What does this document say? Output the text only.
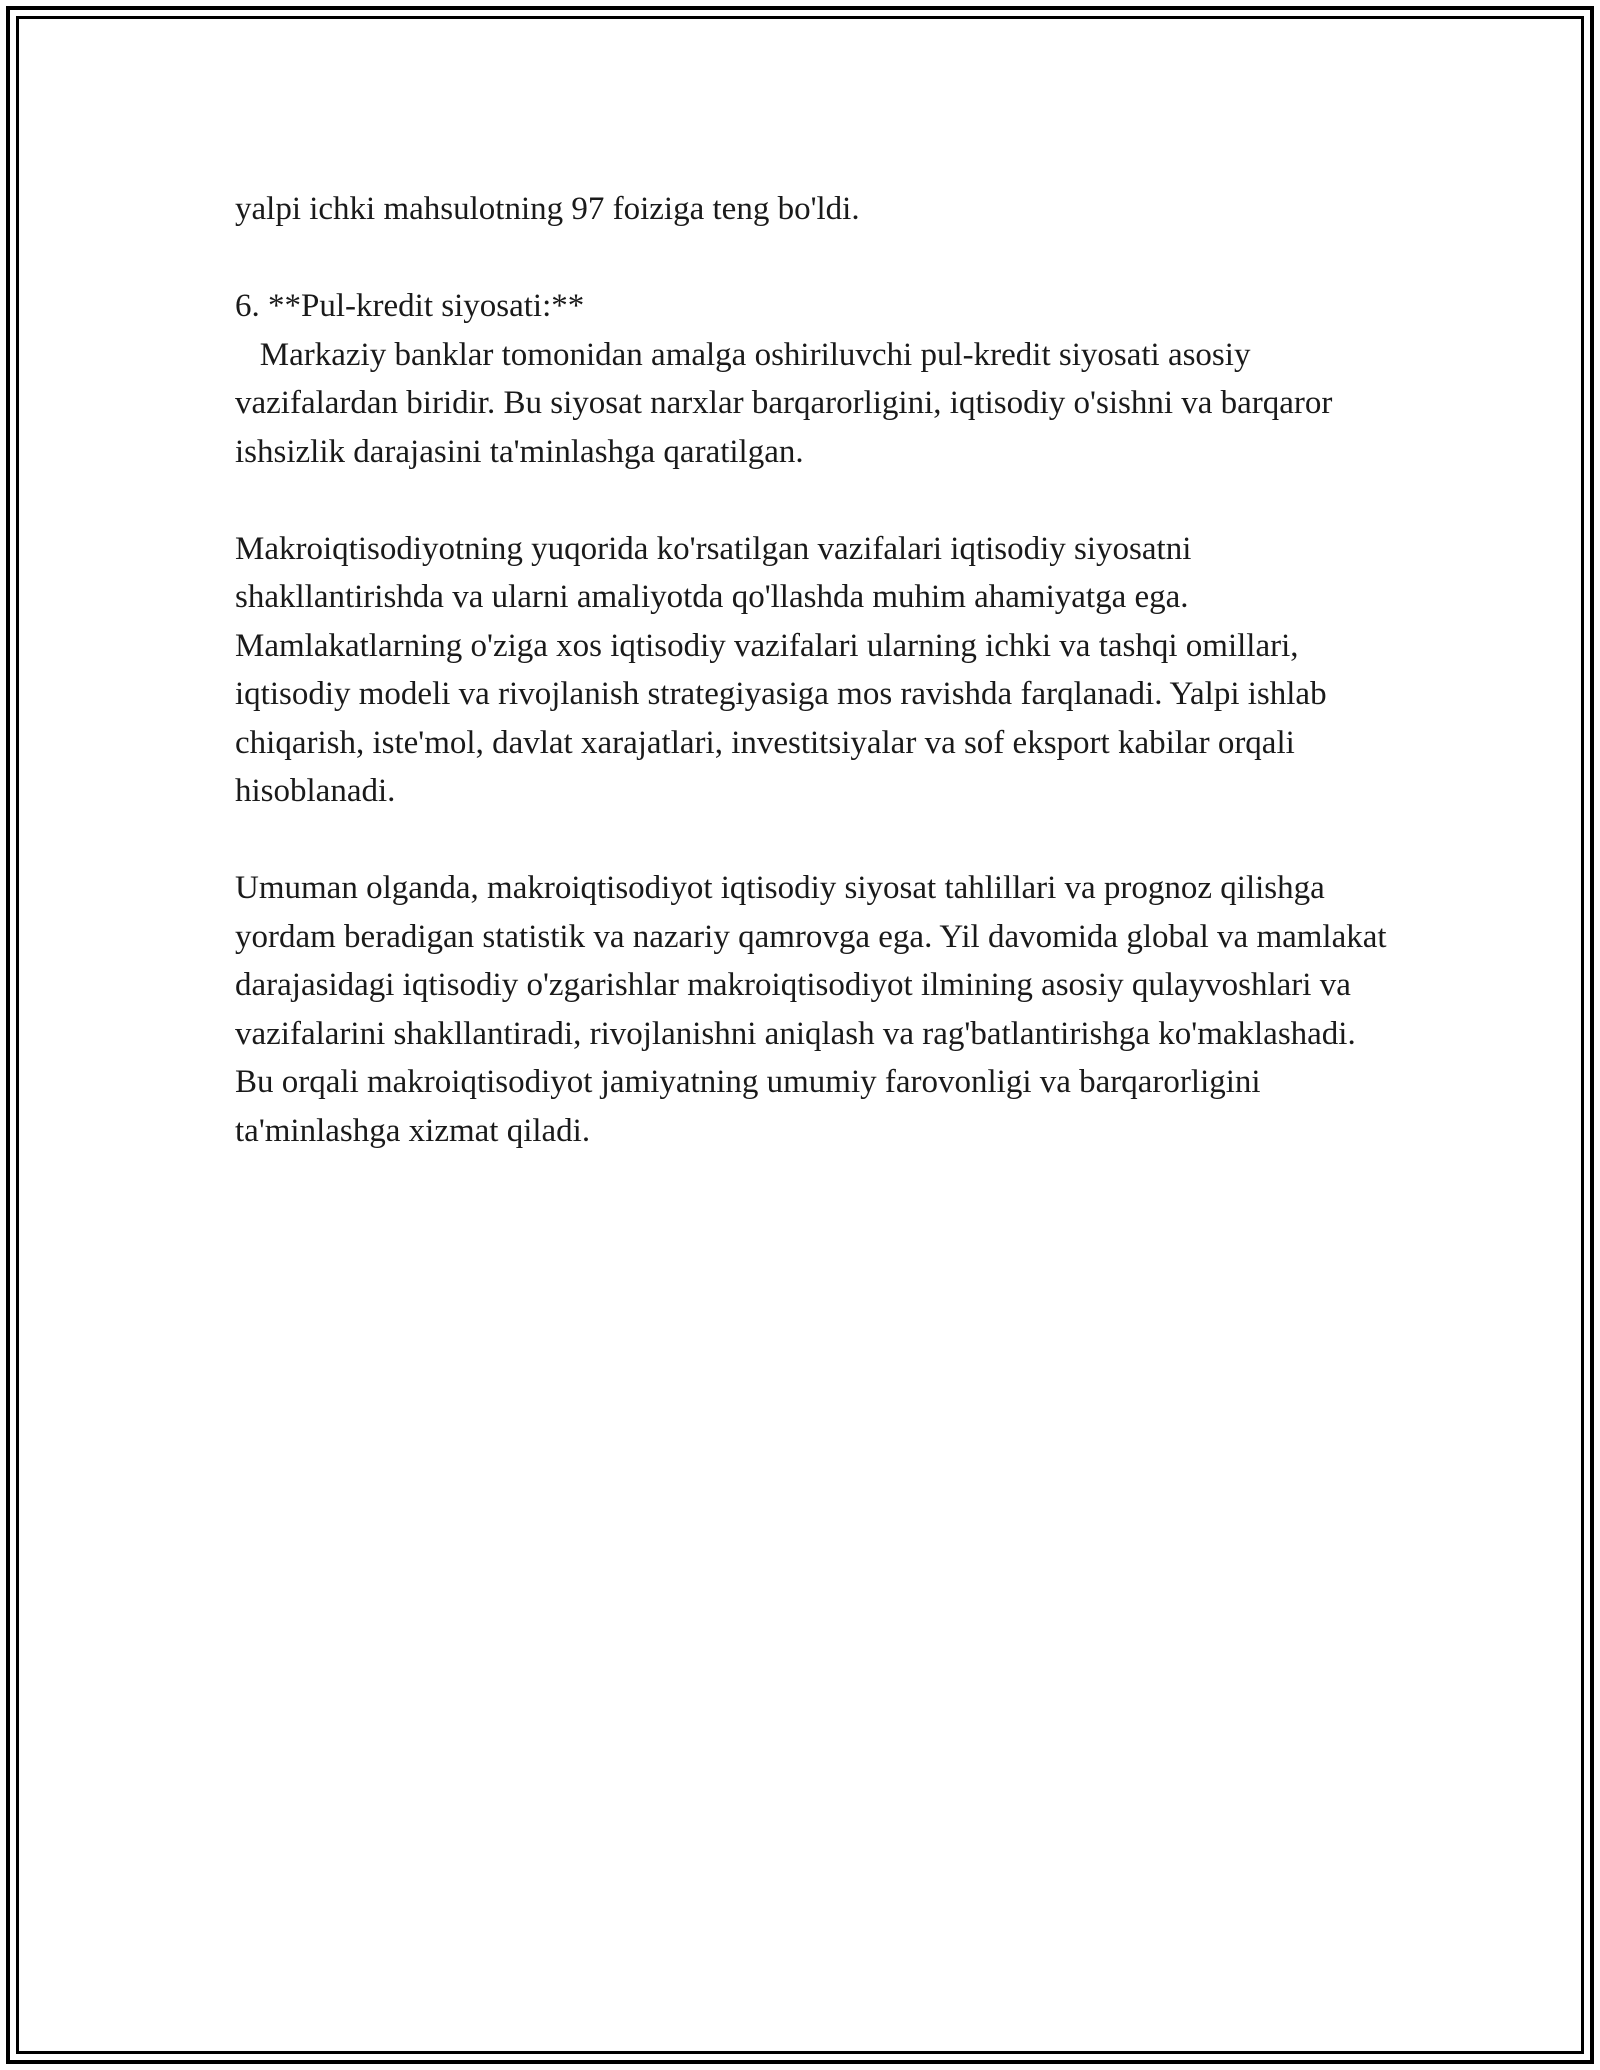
yalpi ichki mahsulotning 97 foiziga teng bo'ldi.

6. **Pul-kredit siyosati:**

Markaziy banklar tomonidan amalga oshiriluvchi pul-kredit siyosati asosiy vazifalardan biridir. Bu siyosat narxlar barqarorligini, iqtisodiy o'sishni va barqaror ishsizlik darajasini ta'minlashga qaratilgan.

Makroiqtisodiyotning yuqorida ko'rsatilgan vazifalari iqtisodiy siyosatni shakllantirishda va ularni amaliyotda qo'llashda muhim ahamiyatga ega. Mamlakatlarning o'ziga xos iqtisodiy vazifalari ularning ichki va tashqi omillari, iqtisodiy modeli va rivojlanish strategiyasiga mos ravishda farqlanadi. Yalpi ishlab chiqarish, iste'mol, davlat xarajatlari, investitsiyalar va sof eksport kabilar orqali hisoblanadi.

Umuman olganda, makroiqtisodiyot iqtisodiy siyosat tahlillari va prognoz qilishga yordam beradigan statistik va nazariy qamrovga ega. Yil davomida global va mamlakat darajasidagi iqtisodiy o'zgarishlar makroiqtisodiyot ilmining asosiy qulayvoshlari va vazifalarini shakllantiradi, rivojlanishni aniqlash va rag'batlantirishga ko'maklashadi. Bu orqali makroiqtisodiyot jamiyatning umumiy farovonligi va barqarorligini ta'minlashga xizmat qiladi.
